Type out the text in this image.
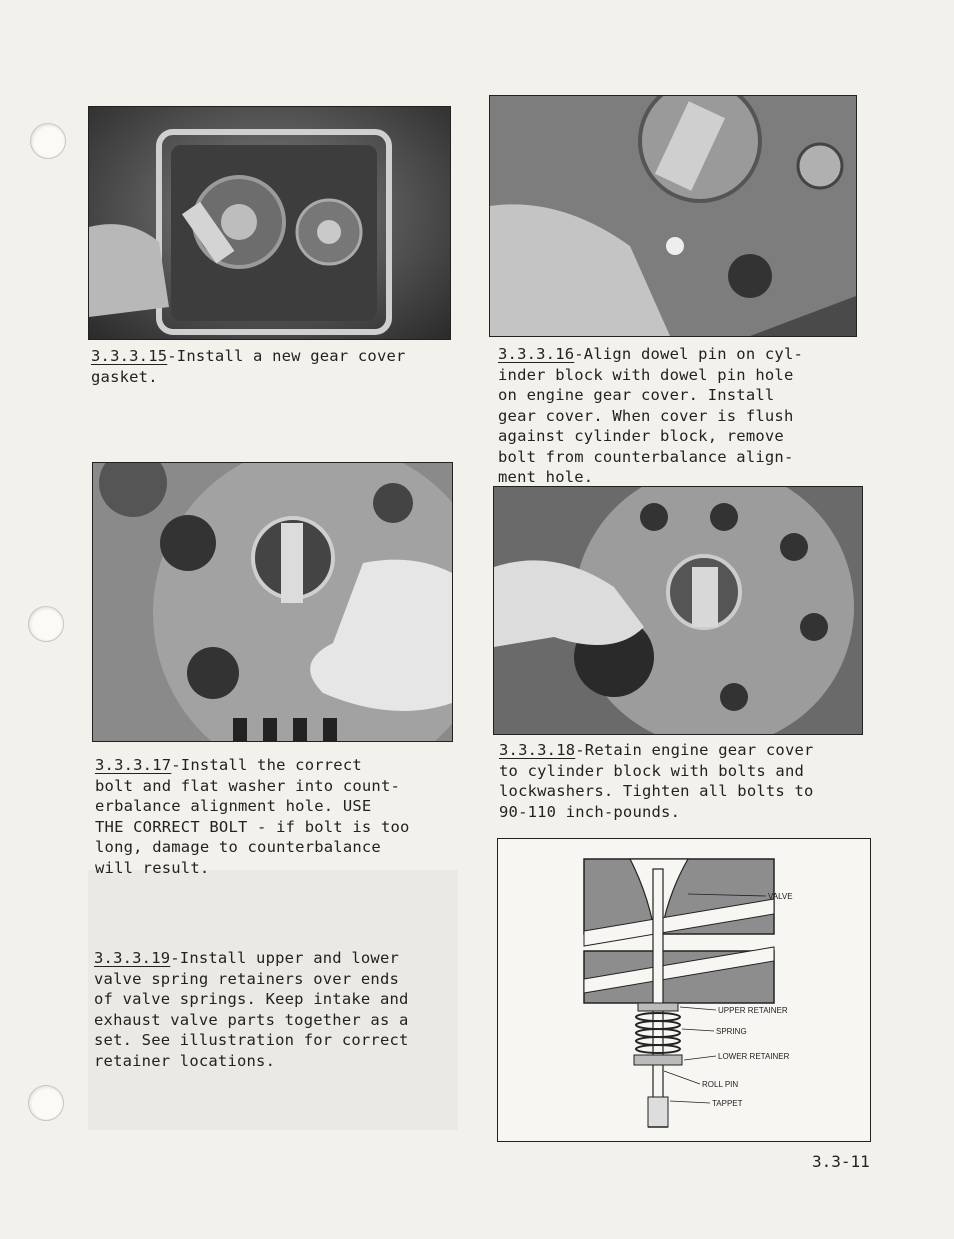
3.3.3.15-Install a new gear cover
gasket.
3.3.3.16-Align dowel pin on cyl-
inder block with dowel pin hole
on engine gear cover. Install
gear cover. When cover is flush
against cylinder block, remove
bolt from counterbalance align-
ment hole.
3.3.3.17-Install the correct
bolt and flat washer into count-
erbalance alignment hole. USE
THE CORRECT BOLT - if bolt is too
long, damage to counterbalance
will result.
3.3.3.18-Retain engine gear cover
to cylinder block with bolts and
lockwashers. Tighten all bolts to
90-110 inch-pounds.
3.3.3.19-Install upper and lower
valve spring retainers over ends
of valve springs. Keep intake and
exhaust valve parts together as a
set. See illustration for correct
retainer locations.
VALVE
UPPER RETAINER
SPRING
LOWER RETAINER
ROLL PIN
TAPPET
3.3-11
